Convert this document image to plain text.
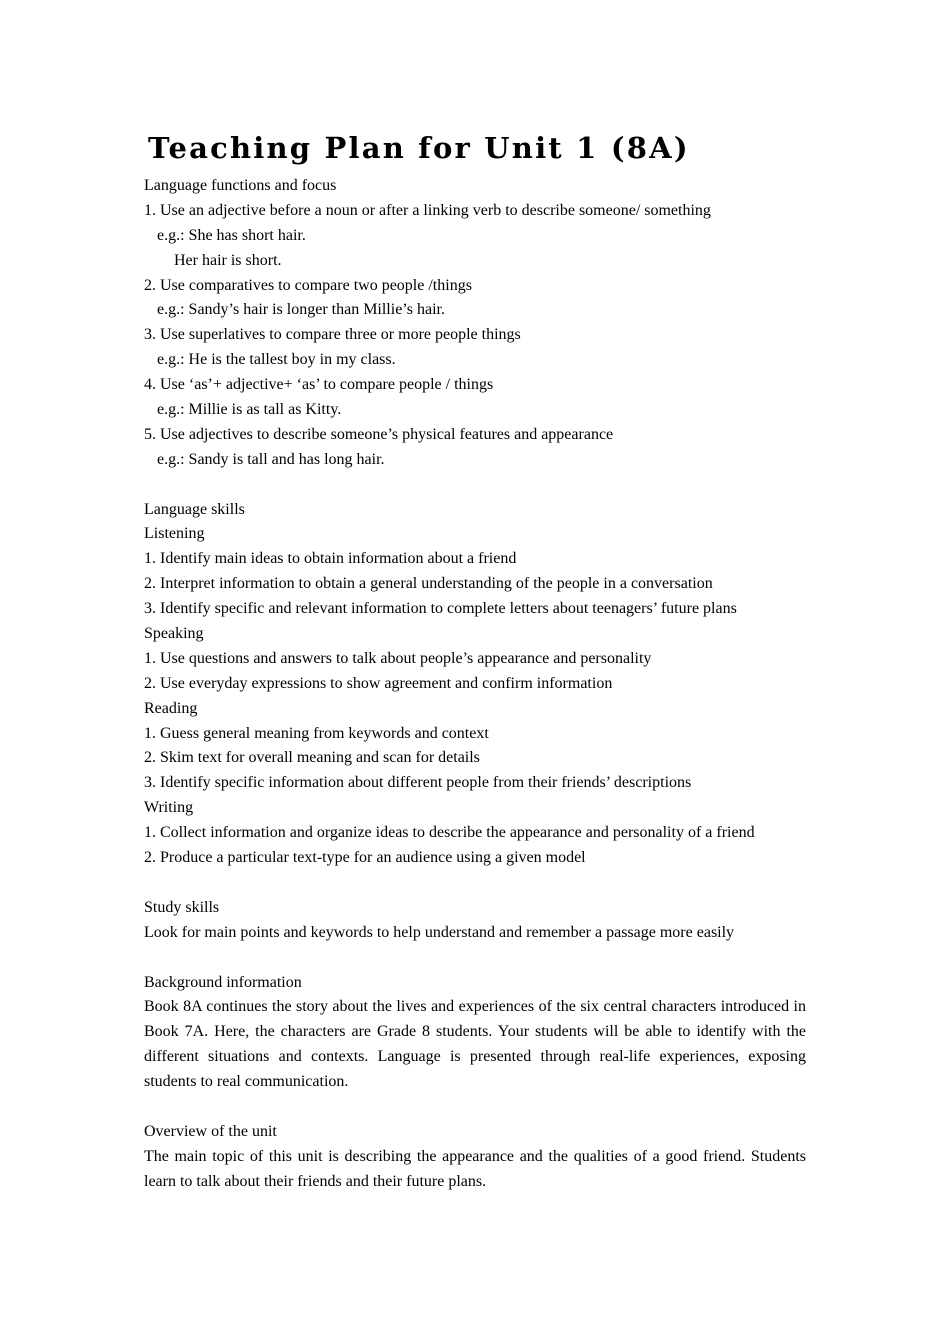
Teaching Plan for Unit 1 (8A)
Language functions and focus
1. Use an adjective before a noun or after a linking verb to describe someone/ something
e.g.: She has short hair.
Her hair is short.
2. Use comparatives to compare two people /things
e.g.: Sandy’s hair is longer than Millie’s hair.
3. Use superlatives to compare three or more people things
e.g.: He is the tallest boy in my class.
4. Use ‘as’+ adjective+ ‘as’ to compare people / things
e.g.: Millie is as tall as Kitty.
5. Use adjectives to describe someone’s physical features and appearance
e.g.: Sandy is tall and has long hair.
Language skills
Listening
1. Identify main ideas to obtain information about a friend
2. Interpret information to obtain a general understanding of the people in a conversation
3. Identify specific and relevant information to complete letters about teenagers’ future plans
Speaking
1. Use questions and answers to talk about people’s appearance and personality
2. Use everyday expressions to show agreement and confirm information
Reading
1. Guess general meaning from keywords and context
2. Skim text for overall meaning and scan for details
3. Identify specific information about different people from their friends’ descriptions
Writing
1. Collect information and organize ideas to describe the appearance and personality of a friend
2. Produce a particular text-type for an audience using a given model
Study skills
Look for main points and keywords to help understand and remember a passage more easily
Background information
Book 8A continues the story about the lives and experiences of the six central characters introduced in Book 7A. Here, the characters are Grade 8 students. Your students will be able to identify with the different situations and contexts. Language is presented through real-life experiences, exposing students to real communication.
Overview of the unit
The main topic of this unit is describing the appearance and the qualities of a good friend. Students learn to talk about their friends and their future plans.
